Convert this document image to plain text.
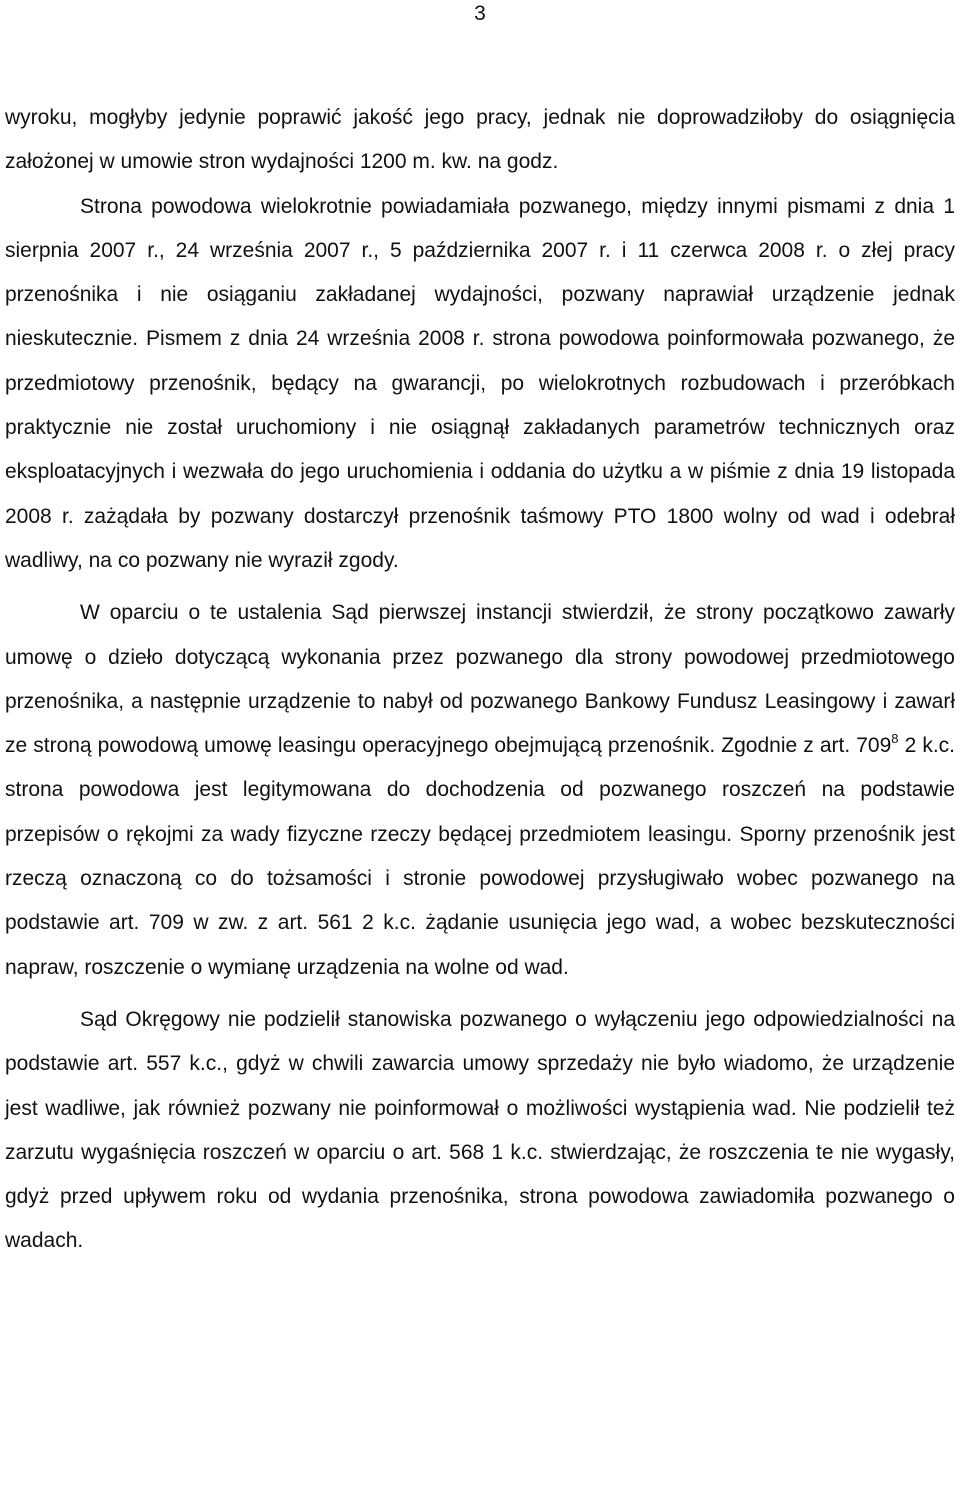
3

wyroku, mogłyby jedynie poprawić jakość jego pracy, jednak nie doprowadziłoby do osiągnięcia założonej w umowie stron wydajności 1200 m. kw. na godz.

Strona powodowa wielokrotnie powiadamiała pozwanego, między innymi pismami z dnia 1 sierpnia 2007 r., 24 września 2007 r., 5 października 2007 r. i 11 czerwca 2008 r. o złej pracy przenośnika i nie osiąganiu zakładanej wydajności, pozwany naprawiał urządzenie jednak nieskutecznie. Pismem z dnia 24 września 2008 r. strona powodowa poinformowała pozwanego, że przedmiotowy przenośnik, będący na gwarancji, po wielokrotnych rozbudowach i przeróbkach praktycznie nie został uruchomiony i nie osiągnął zakładanych parametrów technicznych oraz eksploatacyjnych i wezwała do jego uruchomienia i oddania do użytku a w piśmie z dnia 19 listopada 2008 r. zażądała by pozwany dostarczył przenośnik taśmowy PTO 1800 wolny od wad i odebrał wadliwy, na co pozwany nie wyraził zgody.

W oparciu o te ustalenia Sąd pierwszej instancji stwierdził, że strony początkowo zawarły umowę o dzieło dotyczącą wykonania przez pozwanego dla strony powodowej przedmiotowego przenośnika, a następnie urządzenie to nabył od pozwanego Bankowy Fundusz Leasingowy i zawarł ze stroną powodową umowę leasingu operacyjnego obejmującą przenośnik. Zgodnie z art. $709^8$ 2 k.c. strona powodowa jest legitymowana do dochodzenia od pozwanego roszczeń na podstawie przepisów o rękojmi za wady fizyczne rzeczy będącej przedmiotem leasingu. Sporny przenośnik jest rzeczą oznaczoną co do tożsamości i stronie powodowej przysługiwało wobec pozwanego na podstawie art. 709 w zw. z art. 561 2 k.c. żądanie usunięcia jego wad, a wobec bezskuteczności napraw, roszczenie o wymianę urządzenia na wolne od wad.

Sąd Okręgowy nie podzielił stanowiska pozwanego o wyłączeniu jego odpowiedzialności na podstawie art. 557 k.c., gdyż w chwili zawarcia umowy sprzedaży nie było wiadomo, że urządzenie jest wadliwe, jak również pozwany nie poinformował o możliwości wystąpienia wad. Nie podzielił też zarzutu wygaśnięcia roszczeń w oparciu o art. 568 1 k.c. stwierdzając, że roszczenia te nie wygasły, gdyż przed upływem roku od wydania przenośnika, strona powodowa zawiadomiła pozwanego o wadach.
